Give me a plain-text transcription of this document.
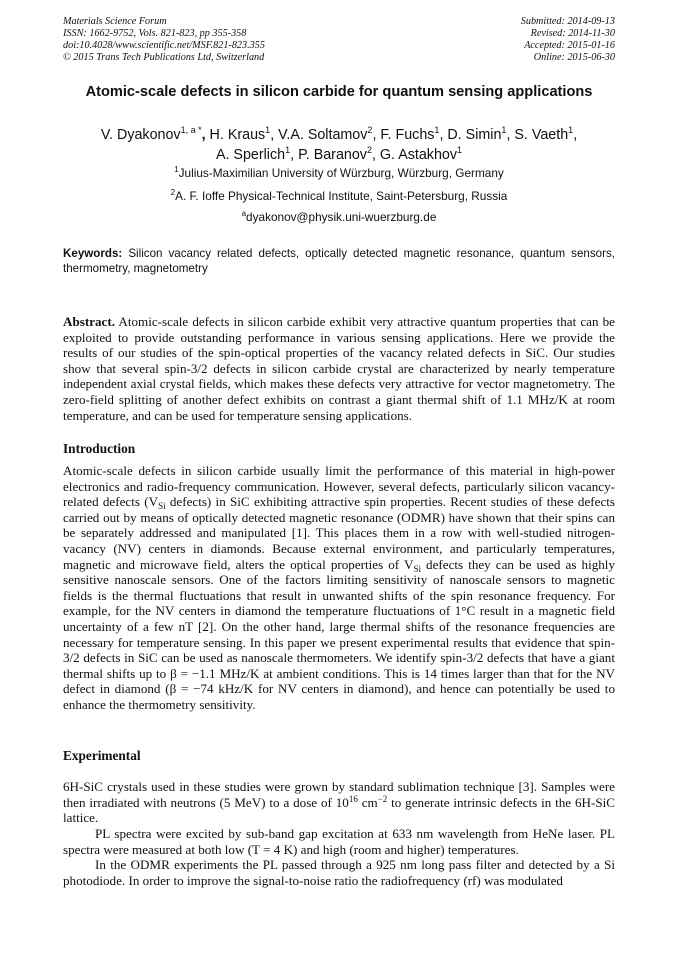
Materials Science Forum
ISSN: 1662-9752, Vols. 821-823, pp 355-358
doi:10.4028/www.scientific.net/MSF.821-823.355
© 2015 Trans Tech Publications Ltd, Switzerland
Submitted: 2014-09-13
Revised: 2014-11-30
Accepted: 2015-01-16
Online: 2015-06-30
Atomic-scale defects in silicon carbide for quantum sensing applications
V. Dyakonov$^{1, a *}$, H. Kraus$^1$, V.A. Soltamov$^2$, F. Fuchs$^1$, D. Simin$^1$, S. Vaeth$^1$,
A. Sperlich$^1$, P. Baranov$^2$, G. Astakhov$^1$
$^1$Julius-Maximilian University of Würzburg, Würzburg, Germany
$^2$A. F. Ioffe Physical-Technical Institute, Saint-Petersburg, Russia
$^a$dyakonov@physik.uni-wuerzburg.de
Keywords: Silicon vacancy related defects, optically detected magnetic resonance, quantum sensors, thermometry, magnetometry
Abstract. Atomic-scale defects in silicon carbide exhibit very attractive quantum properties that can be exploited to provide outstanding performance in various sensing applications. Here we provide the results of our studies of the spin-optical properties of the vacancy related defects in SiC. Our studies show that several spin-3/2 defects in silicon carbide crystal are characterized by nearly temperature independent axial crystal fields, which makes these defects very attractive for vector magnetometry. The zero-field splitting of another defect exhibits on contrast a giant thermal shift of 1.1 MHz/K at room temperature, and can be used for temperature sensing applications.
Introduction
Atomic-scale defects in silicon carbide usually limit the performance of this material in high-power electronics and radio-frequency communication. However, several defects, particularly silicon vacancy-related defects ($V_{Si}$ defects) in SiC exhibiting attractive spin properties. Recent studies of these defects carried out by means of optically detected magnetic resonance (ODMR) have shown that their spins can be separately addressed and manipulated [1]. This places them in a row with well-studied nitrogen-vacancy (NV) centers in diamonds. Because external environment, and particularly temperatures, magnetic and microwave field, alters the optical properties of $V_{Si}$ defects they can be used as highly sensitive nanoscale sensors. One of the factors limiting sensitivity of nanoscale sensors to magnetic fields is the thermal fluctuations that result in unwanted shifts of the spin resonance frequency. For example, for the NV centers in diamond the temperature fluctuations of 1°C result in a magnetic field uncertainty of a few nT [2]. On the other hand, large thermal shifts of the resonance frequencies are necessary for temperature sensing. In this paper we present experimental results that evidence that spin-3/2 defects in SiC can be used as nanoscale thermometers. We identify spin-3/2 defects that have a giant thermal shifts up to β = −1.1 MHz/K at ambient conditions. This is 14 times larger than that for the NV defect in diamond (β = −74 kHz/K for NV centers in diamond), and hence can potentially be used to enhance the thermometry sensitivity.
Experimental
6H-SiC crystals used in these studies were grown by standard sublimation technique [3]. Samples were then irradiated with neutrons (5 MeV) to a dose of $10^{16}$ $cm^{-2}$ to generate intrinsic defects in the 6H-SiC lattice.
PL spectra were excited by sub-band gap excitation at 633 nm wavelength from HeNe laser. PL spectra were measured at both low (T = 4 K) and high (room and higher) temperatures.
In the ODMR experiments the PL passed through a 925 nm long pass filter and detected by a Si photodiode. In order to improve the signal-to-noise ratio the radiofrequency (rf) was modulated
